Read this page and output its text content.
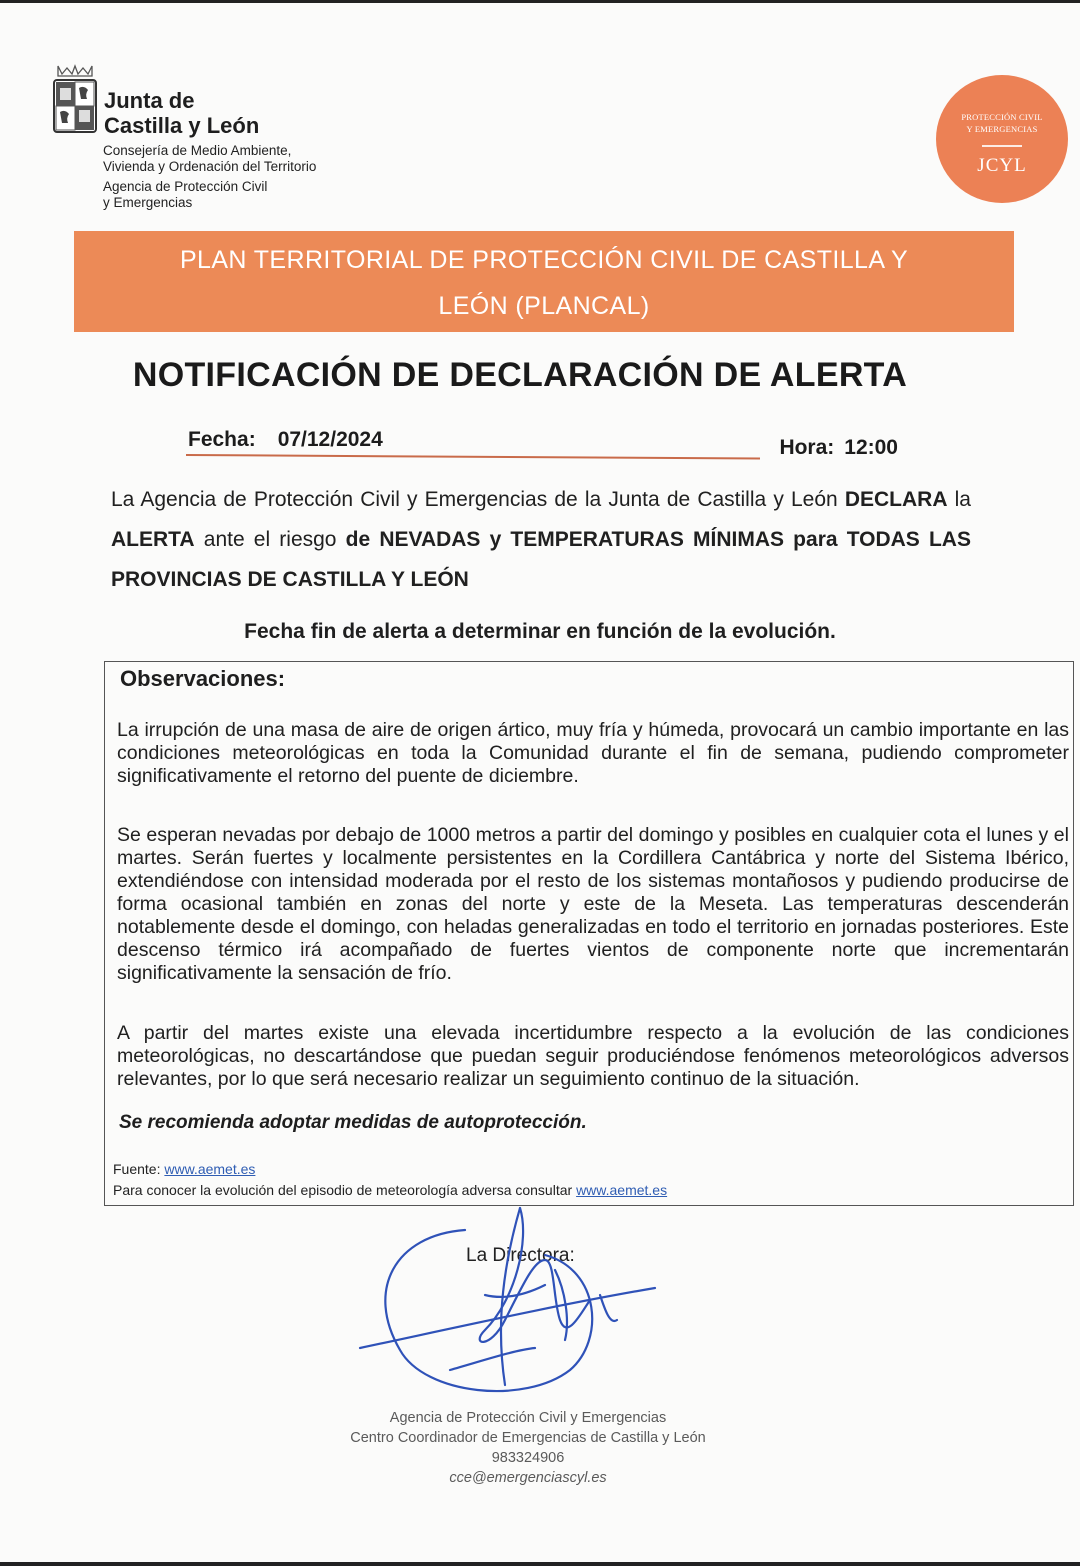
Junta de
Castilla y León
Consejería de Medio Ambiente,
Vivienda y Ordenación del Territorio
Agencia de Protección Civil
y Emergencias
PROTECCIÓN CIVIL
Y EMERGENCIAS
JCYL
PLAN TERRITORIAL DE PROTECCIÓN CIVIL DE CASTILLA Y
LEÓN (PLANCAL)
NOTIFICACIÓN DE DECLARACIÓN DE ALERTA
Fecha: 07/12/2024	Hora: 12:00
La Agencia de Protección Civil y Emergencias de la Junta de Castilla y León DECLARA la ALERTA ante el riesgo de NEVADAS y TEMPERATURAS MÍNIMAS para TODAS LAS PROVINCIAS DE CASTILLA Y LEÓN
Fecha fin de alerta a determinar en función de la evolución.
Observaciones:

La irrupción de una masa de aire de origen ártico, muy fría y húmeda, provocará un cambio importante en las condiciones meteorológicas en toda la Comunidad durante el fin de semana, pudiendo comprometer significativamente el retorno del puente de diciembre.

Se esperan nevadas por debajo de 1000 metros a partir del domingo y posibles en cualquier cota el lunes y el martes. Serán fuertes y localmente persistentes en la Cordillera Cantábrica y norte del Sistema Ibérico, extendiéndose con intensidad moderada por el resto de los sistemas montañosos y pudiendo producirse de forma ocasional también en zonas del norte y este de la Meseta. Las temperaturas descenderán notablemente desde el domingo, con heladas generalizadas en todo el territorio en jornadas posteriores. Este descenso térmico irá acompañado de fuertes vientos de componente norte que incrementarán significativamente la sensación de frío.

A partir del martes existe una elevada incertidumbre respecto a la evolución de las condiciones meteorológicas, no descartándose que puedan seguir produciéndose fenómenos meteorológicos adversos relevantes, por lo que será necesario realizar un seguimiento continuo de la situación.

Se recomienda adoptar medidas de autoprotección.
Fuente: www.aemet.es
Para conocer la evolución del episodio de meteorología adversa consultar www.aemet.es
La Directora:
Agencia de Protección Civil y Emergencias
Centro Coordinador de Emergencias de Castilla y León
983324906
cce@emergenciascyl.es
